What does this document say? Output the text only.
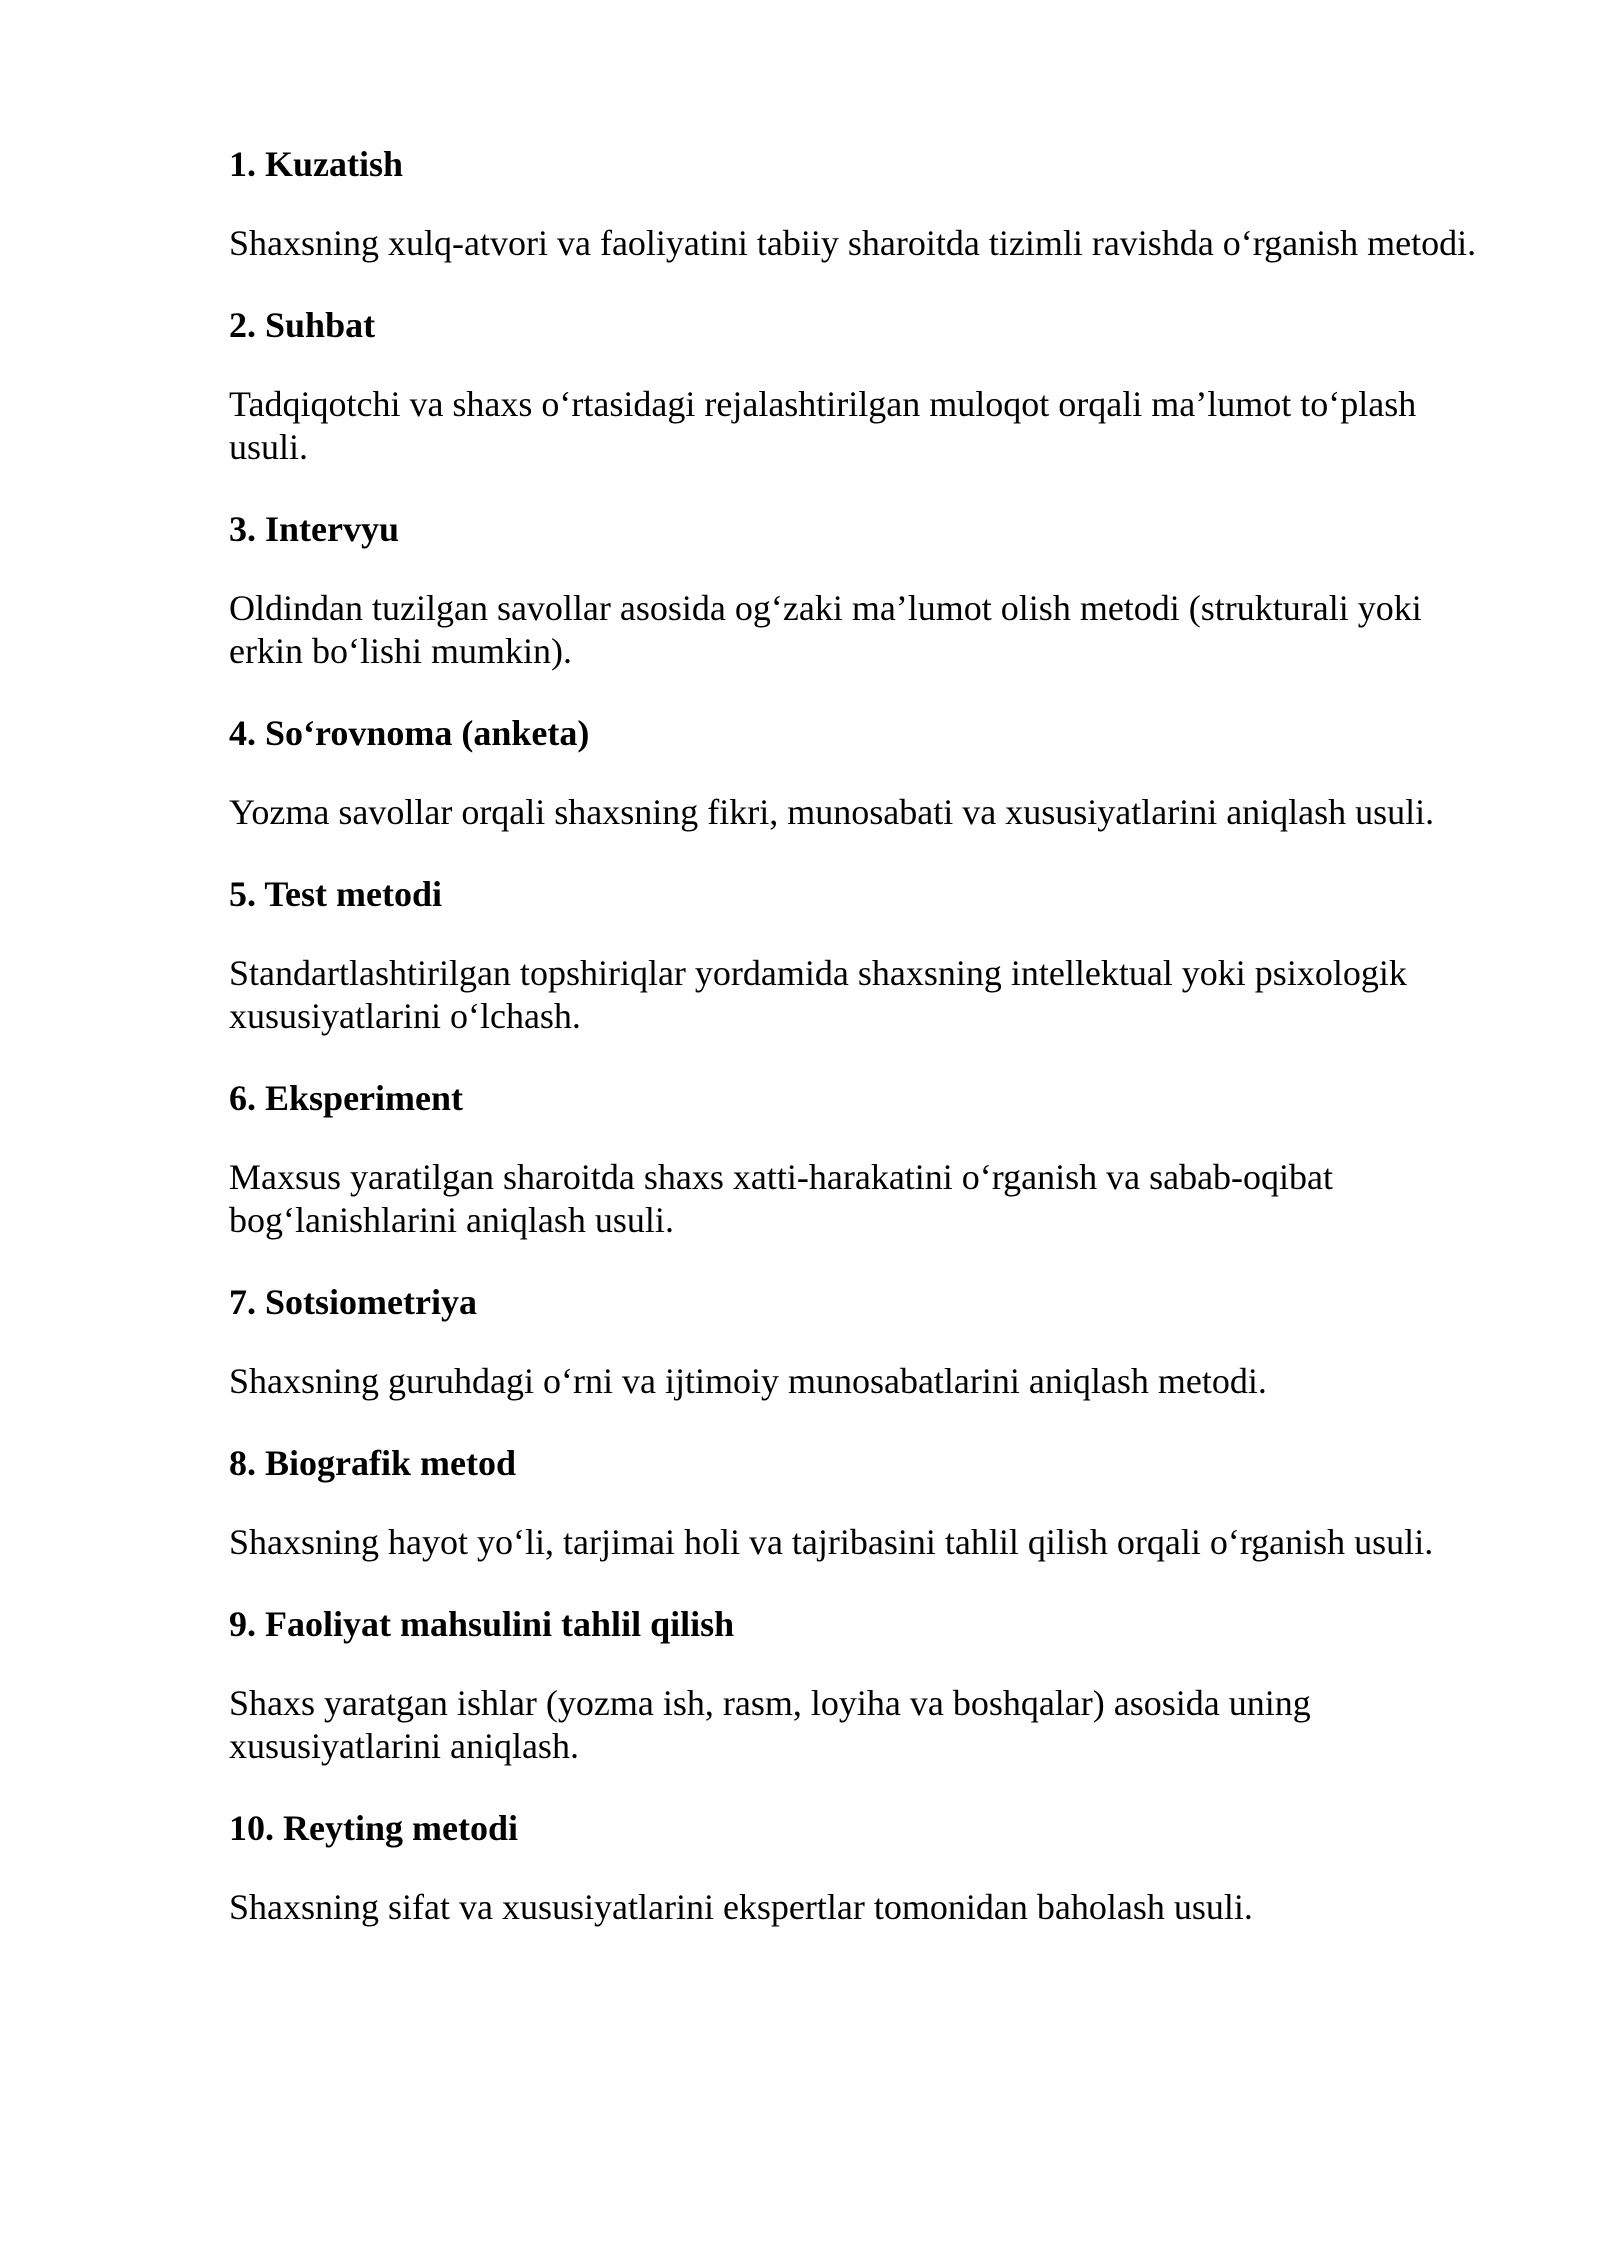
1. Kuzatish

Shaxsning xulq-atvori va faoliyatini tabiiy sharoitda tizimli ravishda o‘rganish metodi.

2. Suhbat

Tadqiqotchi va shaxs o‘rtasidagi rejalashtirilgan muloqot orqali ma’lumot to‘plash usuli.

3. Intervyu

Oldindan tuzilgan savollar asosida og‘zaki ma’lumot olish metodi (strukturali yoki erkin bo‘lishi mumkin).

4. So‘rovnoma (anketa)

Yozma savollar orqali shaxsning fikri, munosabati va xususiyatlarini aniqlash usuli.

5. Test metodi

Standartlashtirilgan topshiriqlar yordamida shaxsning intellektual yoki psixologik xususiyatlarini o‘lchash.

6. Eksperiment

Maxsus yaratilgan sharoitda shaxs xatti-harakatini o‘rganish va sabab-oqibat bog‘lanishlarini aniqlash usuli.

7. Sotsiometriya

Shaxsning guruhdagi o‘rni va ijtimoiy munosabatlarini aniqlash metodi.

8. Biografik metod

Shaxsning hayot yo‘li, tarjimai holi va tajribasini tahlil qilish orqali o‘rganish usuli.

9. Faoliyat mahsulini tahlil qilish

Shaxs yaratgan ishlar (yozma ish, rasm, loyiha va boshqalar) asosida uning xususiyatlarini aniqlash.

10. Reyting metodi

Shaxsning sifat va xususiyatlarini ekspertlar tomonidan baholash usuli.
